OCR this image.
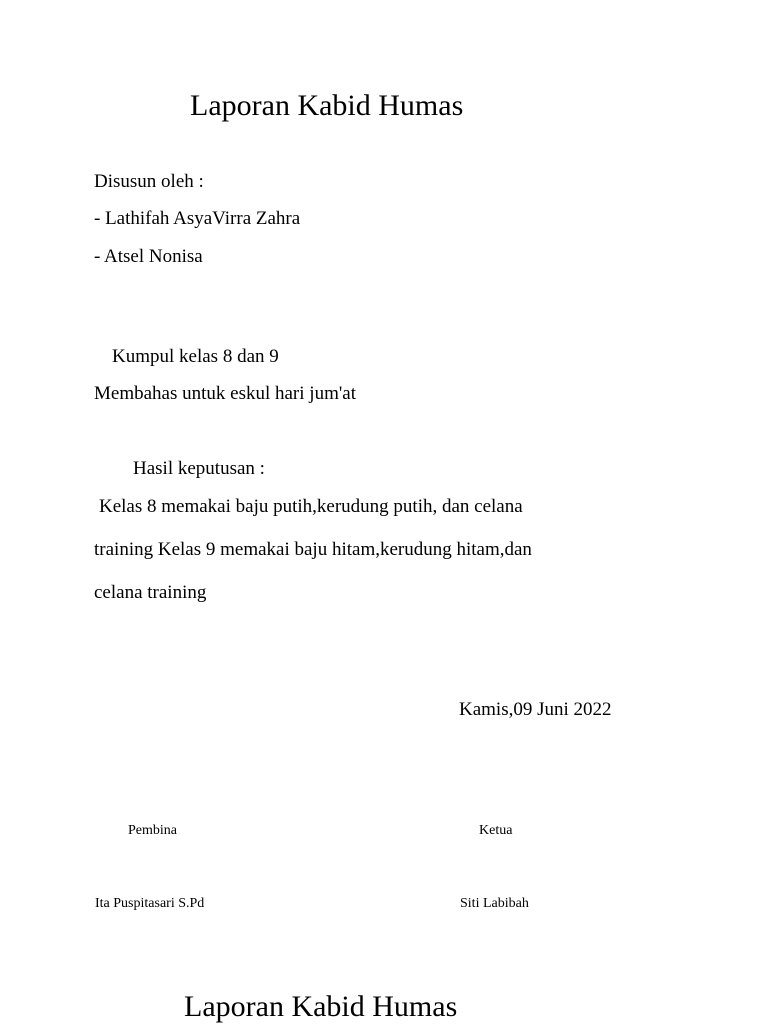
Laporan Kabid Humas
Disusun oleh :
- Lathifah AsyaVirra Zahra
- Atsel Nonisa
Kumpul kelas 8 dan 9
Membahas untuk eskul hari jum'at
Hasil keputusan :
Kelas 8 memakai baju putih,kerudung putih, dan celana
training Kelas 9 memakai baju hitam,kerudung hitam,dan
celana training
Kamis,09 Juni 2022
Pembina	Ketua
Ita Puspitasari S.Pd	Siti Labibah
Laporan Kabid Humas
